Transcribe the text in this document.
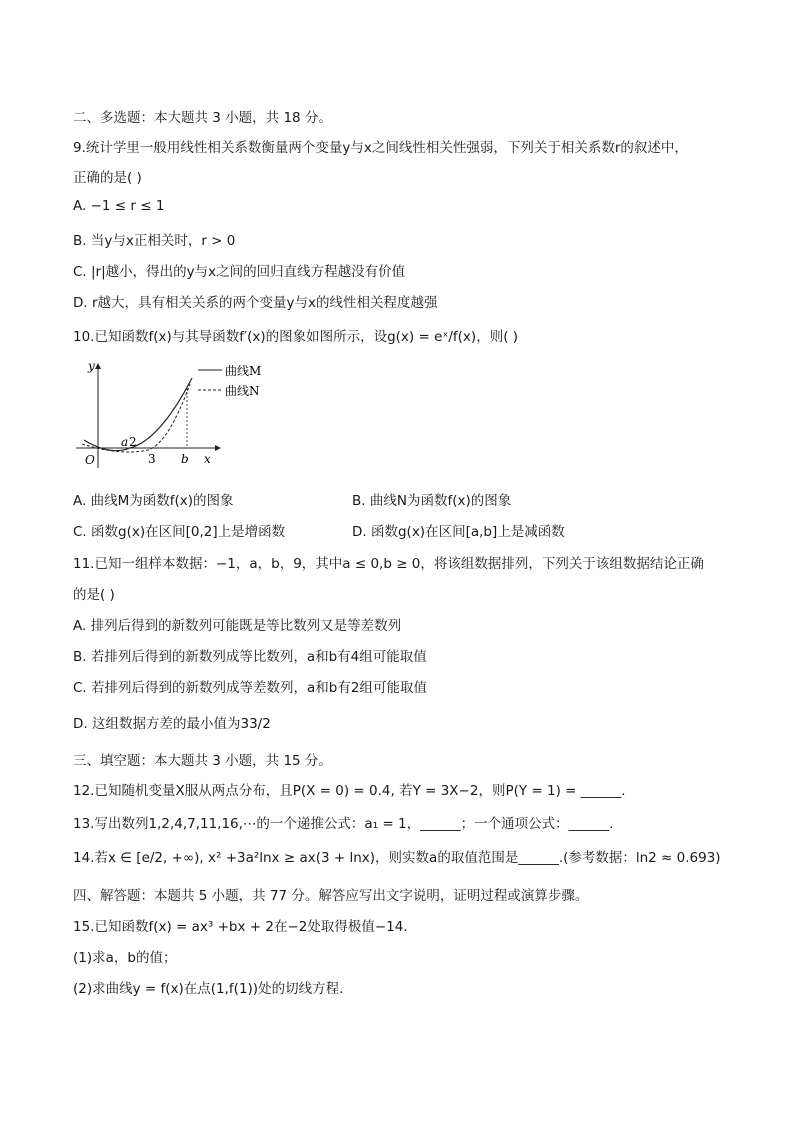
二、多选题：本大题共 3 小题，共 18 分。
9.统计学里一般用线性相关系数衡量两个变量y与x之间线性相关性强弱，下列关于相关系数r的叙述中，
正确的是( )
A. −1 ≤ r ≤ 1
B. 当y与x正相关时，r > 0
C. |r|越小，得出的y与x之间的回归直线方程越没有价值
D. r越大，具有相关关系的两个变量y与x的线性相关程度越强
10.已知函数f(x)与其导函数f′(x)的图象如图所示，设g(x) = eˣ/f(x)，则( )
曲线M
曲线N
y
x
O
a 2
3 b
A. 曲线M为函数f(x)的图象	B. 曲线N为函数f(x)的图象
C. 函数g(x)在区间[0,2]上是增函数	D. 函数g(x)在区间[a,b]上是减函数
11.已知一组样本数据：−1，a，b，9，其中a ≤ 0,b ≥ 0，将该组数据排列，下列关于该组数据结论正确
的是( )
A. 排列后得到的新数列可能既是等比数列又是等差数列
B. 若排列后得到的新数列成等比数列，a和b有4组可能取值
C. 若排列后得到的新数列成等差数列，a和b有2组可能取值
D. 这组数据方差的最小值为33/2
三、填空题：本大题共 3 小题，共 15 分。
12.已知随机变量X服从两点分布，且P(X = 0) = 0.4, 若Y = 3X−2，则P(Y = 1) = ______.
13.写出数列1,2,4,7,11,16,⋯的一个递推公式：a₁ = 1，______；一个通项公式：______.
14.若x ∈ [e/2, +∞), x² +3a²lnx ≥ ax(3 + lnx)，则实数a的取值范围是______.(参考数据：ln2 ≈ 0.693)
四、解答题：本题共 5 小题，共 77 分。解答应写出文字说明，证明过程或演算步骤。
15.已知函数f(x) = ax³ +bx + 2在−2处取得极值−14.
(1)求a，b的值；
(2)求曲线y = f(x)在点(1,f(1))处的切线方程.
